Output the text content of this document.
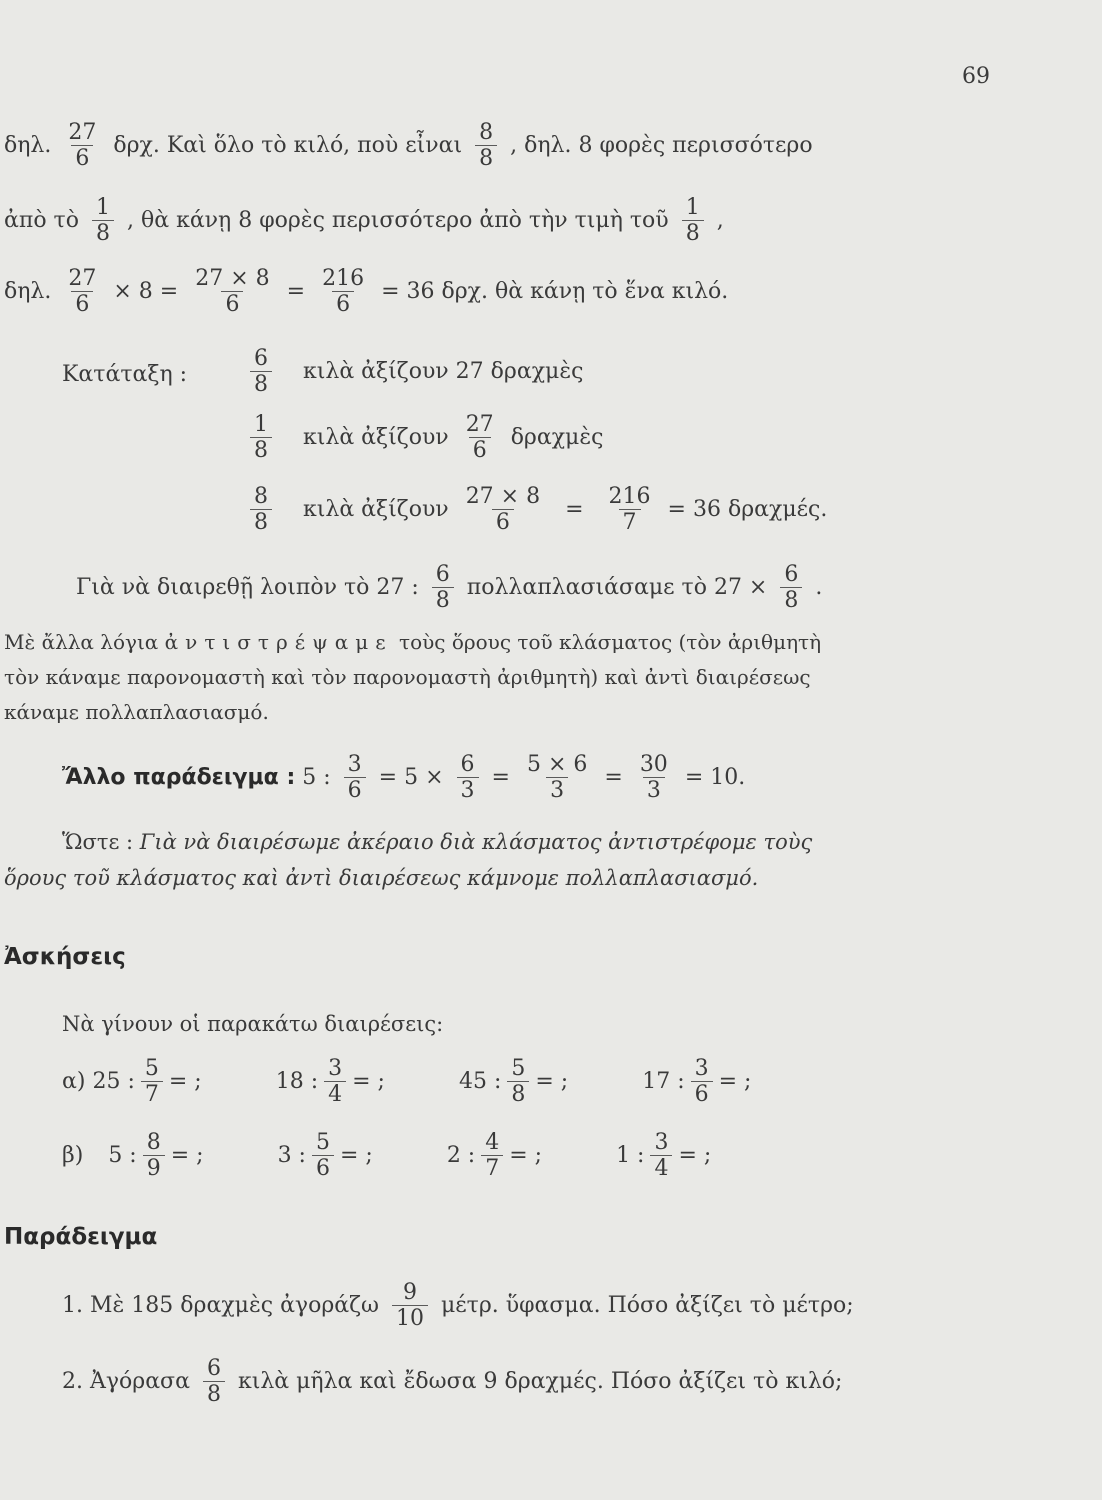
69
δηλ. $\frac{27}{6} \delta\rho\chi$. Καὶ ὅλο τὸ κιλό, ποὺ εἶναι $\frac{8}{8}$ , δηλ. 8 φορὲς περισσότερο
ἀπὸ τὸ $\frac{1}{8}$ , θὰ κάνῃ 8 φορὲς περισσότερο ἀπὸ τὴν τιμὴ τοῦ $\frac{1}{8}$ ,
δηλ. $\frac{27}{6} \times 8 = \frac{27 \times 8}{6} = \frac{216}{6} = 36$ δρχ. θὰ κάνῃ τὸ ἕνα κιλό.
Κατάταξη :	$\frac{6}{8}$ κιλὰ ἀξίζουν 27 δραχμὲς
$\frac{1}{8}$ κιλὰ ἀξίζουν $\frac{27}{6}$ δραχμὲς
$\frac{8}{8}$ κιλὰ ἀξίζουν $\frac{27 \times 8}{6} = \frac{216}{7} = 36$ δραχμές.
Γιὰ νὰ διαιρεθῇ λοιπὸν τὸ 27 : $\frac{6}{8}$ πολλαπλασιάσαμε τὸ $27 \times \frac{6}{8}$ .
Μὲ ἄλλα λόγια ἀντιστρέψαμε τοὺς ὅρους τοῦ κλάσματος (τὸν ἀριθμητὴ
τὸν κάναμε παρονομαστὴ καὶ τὸν παρονομαστὴ ἀριθμητὴ) καὶ ἀντὶ διαιρέσεως
κάναμε πολλαπλασιασμό.
Ἄλλο παράδειγμα : 5 : $\frac{3}{6} = 5 \times \frac{6}{3} = \frac{5 \times 6}{3} = \frac{30}{3} = 10$.
Ὥστε : Γιὰ νὰ διαιρέσωμε ἀκέραιο διὰ κλάσματος ἀντιστρέφομε τοὺς
ὅρους τοῦ κλάσματος καὶ ἀντὶ διαιρέσεως κάμνομε πολλαπλασιασμό.
Ἀσκήσεις
Νὰ γίνουν οἱ παρακάτω διαιρέσεις:
α) 25 : $\frac{5}{7}$ = ;	18 : $\frac{3}{4}$ = ;	45 : $\frac{5}{8}$ = ;	17 : $\frac{3}{6}$ = ;
β) 5 : $\frac{8}{9}$ = ;	3 : $\frac{5}{6}$ = ;	2 : $\frac{4}{7}$ = ;	1 : $\frac{3}{4}$ = ;
Παράδειγμα
1. Μὲ 185 δραχμὲς ἀγοράζω $\frac{9}{10} \mu έ\tau\rho$. ὕφασμα. Πόσο ἀξίζει τὸ μέτρο;
2. Ἀγόρασα $\frac{6}{8}$ κιλὰ μῆλα καὶ ἔδωσα 9 δραχμές. Πόσο ἀξίζει τὸ κιλό;
